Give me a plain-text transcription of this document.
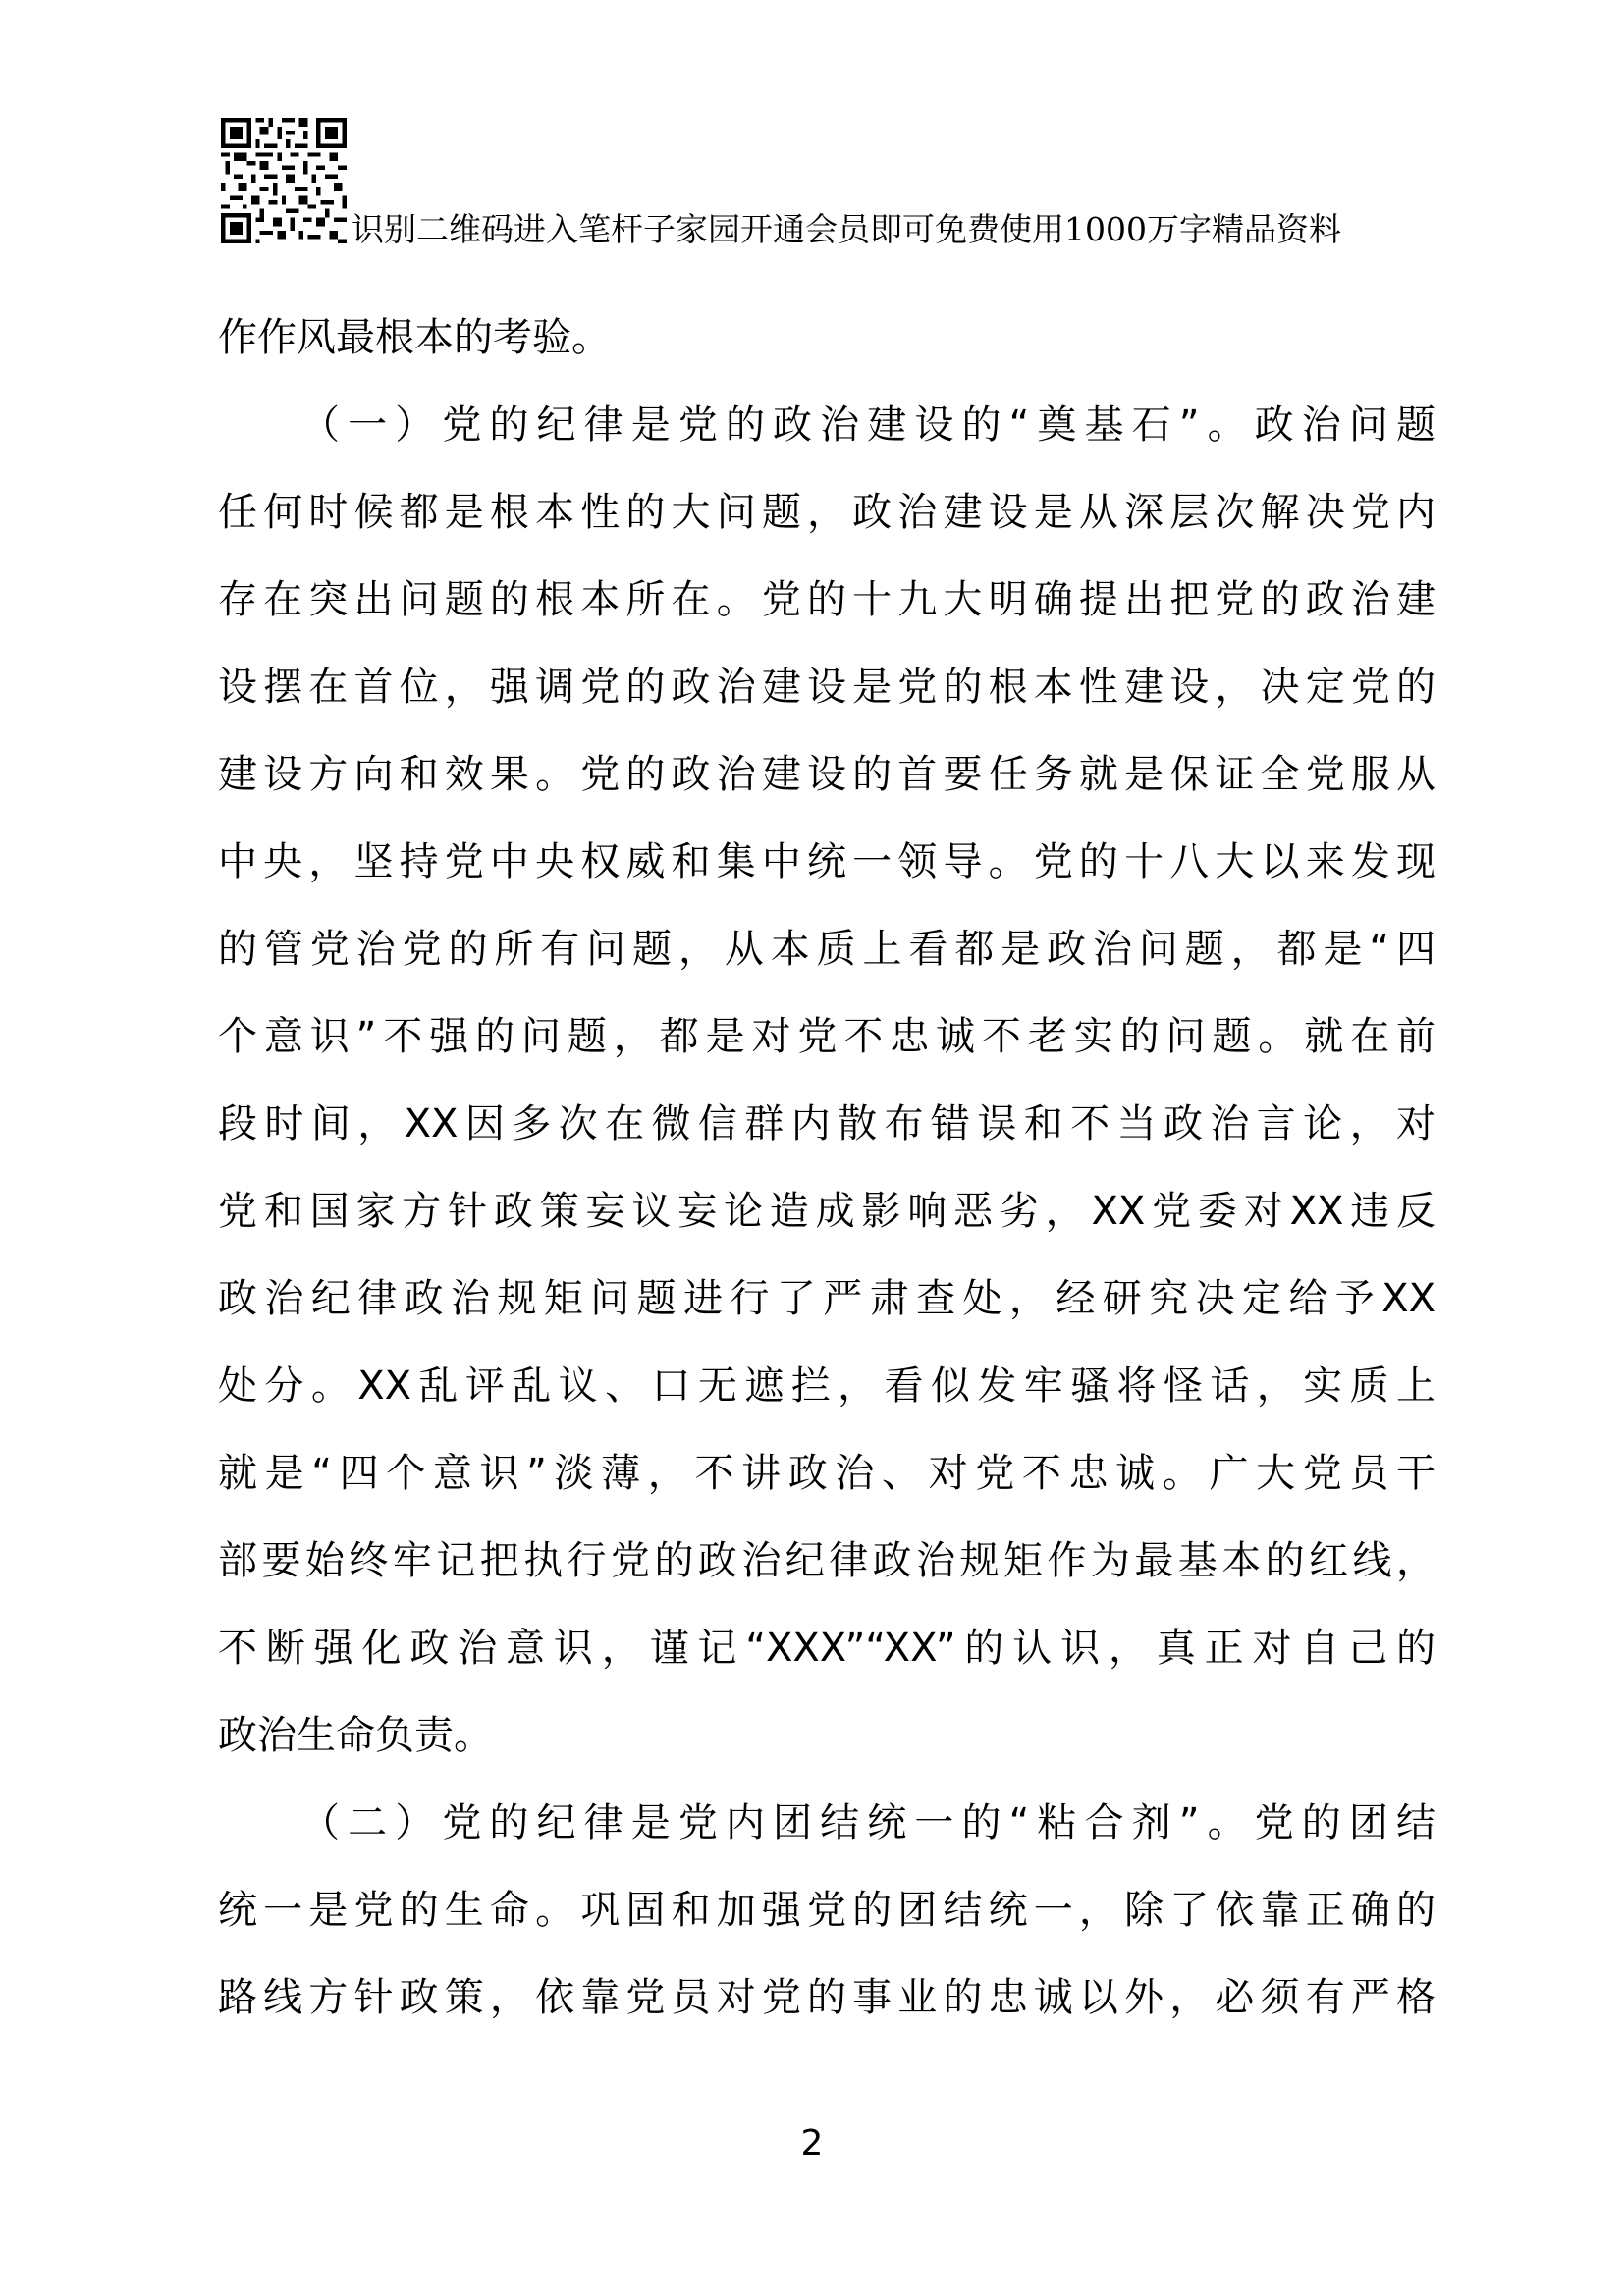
识别二维码进入笔杆子家园开通会员即可免费使用1000万字精品资料
作作风最根本的考验。
（一）党的纪律是党的政治建设的“奠基石”。政治问题
任何时候都是根本性的大问题，政治建设是从深层次解决党内
存在突出问题的根本所在。党的十九大明确提出把党的政治建
设摆在首位，强调党的政治建设是党的根本性建设，决定党的
建设方向和效果。党的政治建设的首要任务就是保证全党服从
中央，坚持党中央权威和集中统一领导。党的十八大以来发现
的管党治党的所有问题，从本质上看都是政治问题，都是“四
个意识”不强的问题，都是对党不忠诚不老实的问题。就在前
段时间，XX因多次在微信群内散布错误和不当政治言论，对
党和国家方针政策妄议妄论造成影响恶劣，XX党委对XX违反
政治纪律政治规矩问题进行了严肃查处，经研究决定给予XX
处分。XX乱评乱议、口无遮拦，看似发牢骚将怪话，实质上
就是“四个意识”淡薄，不讲政治、对党不忠诚。广大党员干
部要始终牢记把执行党的政治纪律政治规矩作为最基本的红线，
不断强化政治意识，谨记“XXX”“XX”的认识，真正对自己的
政治生命负责。
（二）党的纪律是党内团结统一的“粘合剂”。党的团结
统一是党的生命。巩固和加强党的团结统一，除了依靠正确的
路线方针政策，依靠党员对党的事业的忠诚以外，必须有严格
2
